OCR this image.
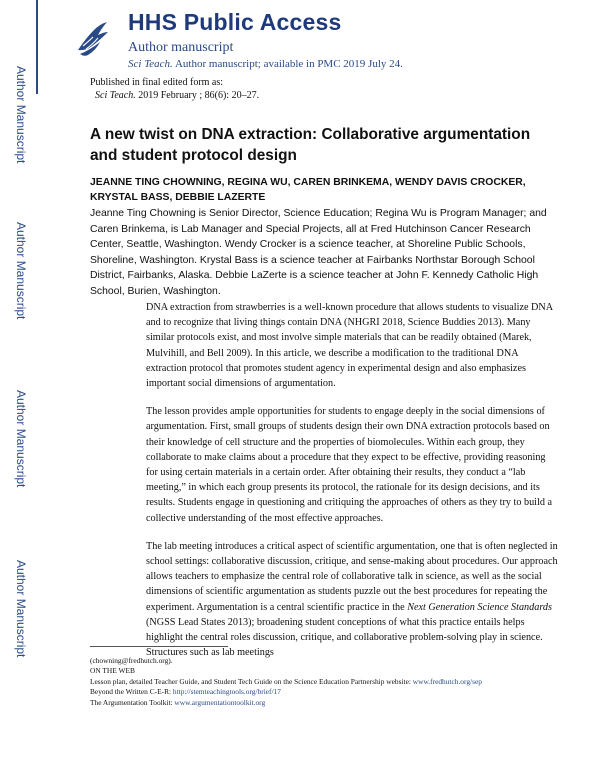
Author Manuscript
Author Manuscript
Author Manuscript
Author Manuscript
HHS Public Access
Author manuscript
Sci Teach. Author manuscript; available in PMC 2019 July 24.
Published in final edited form as:
Sci Teach. 2019 February ; 86(6): 20–27.
A new twist on DNA extraction: Collaborative argumentation and student protocol design

JEANNE TING CHOWNING, REGINA WU, CAREN BRINKEMA, WENDY DAVIS CROCKER, KRYSTAL BASS, DEBBIE LAZERTE

Jeanne Ting Chowning is Senior Director, Science Education; Regina Wu is Program Manager; and Caren Brinkema, is Lab Manager and Special Projects, all at Fred Hutchinson Cancer Research Center, Seattle, Washington. Wendy Crocker is a science teacher, at Shoreline Public Schools, Shoreline, Washington. Krystal Bass is a science teacher at Fairbanks Northstar Borough School District, Fairbanks, Alaska. Debbie LaZerte is a science teacher at John F. Kennedy Catholic High School, Burien, Washington.

DNA extraction from strawberries is a well-known procedure that allows students to visualize DNA and to recognize that living things contain DNA (NHGRI 2018, Science Buddies 2013). Many similar protocols exist, and most involve simple materials that can be readily obtained (Marek, Mulvihill, and Bell 2009). In this article, we describe a modification to the traditional DNA extraction protocol that promotes student agency in experimental design and also emphasizes important social dimensions of argumentation.

The lesson provides ample opportunities for students to engage deeply in the social dimensions of argumentation. First, small groups of students design their own DNA extraction protocols based on their knowledge of cell structure and the properties of biomolecules. Within each group, they collaborate to make claims about a procedure that they expect to be effective, providing reasoning for using certain materials in a certain order. After obtaining their results, they conduct a “lab meeting,” in which each group presents its protocol, the rationale for its design decisions, and its results. Students engage in questioning and critiquing the approaches of others as they try to build a collective understanding of the most effective approaches.

The lab meeting introduces a critical aspect of scientific argumentation, one that is often neglected in school settings: collaborative discussion, critique, and sense-making about procedures. Our approach allows teachers to emphasize the central role of collaborative talk in science, as well as the social dimensions of scientific argumentation as students puzzle out the best procedures for repeating the experiment. Argumentation is a central scientific practice in the Next Generation Science Standards (NGSS Lead States 2013); broadening student conceptions of what this practice entails helps highlight the central roles discussion, critique, and collaborative problem-solving play in science. Structures such as lab meetings

(chowning@fredhutch.org).
ON THE WEB
Lesson plan, detailed Teacher Guide, and Student Tech Guide on the Science Education Partnership website: www.fredhutch.org/sep
Beyond the Written C-E-R: http://stemteachingtools.org/brief/17
The Argumentation Toolkit: www.argumentationtoolkit.org
